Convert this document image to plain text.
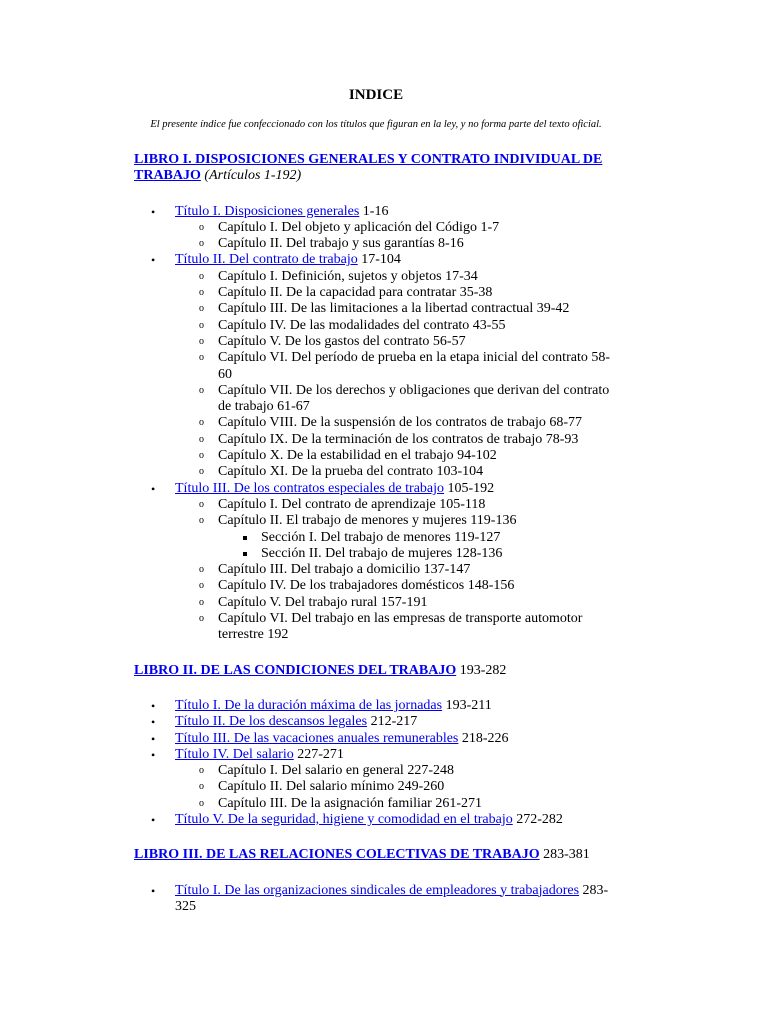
INDICE

El presente índice fue confeccionado con los títulos que figuran en la ley, y no forma parte del texto oficial.

LIBRO I. DISPOSICIONES GENERALES Y CONTRATO INDIVIDUAL DE TRABAJO (Artículos 1-192)

• Título I. Disposiciones generales 1-16
o Capítulo I. Del objeto y aplicación del Código 1-7
o Capítulo II. Del trabajo y sus garantías 8-16
• Título II. Del contrato de trabajo 17-104
o Capítulo I. Definición, sujetos y objetos 17-34
o Capítulo II. De la capacidad para contratar 35-38
o Capítulo III. De las limitaciones a la libertad contractual 39-42
o Capítulo IV. De las modalidades del contrato 43-55
o Capítulo V. De los gastos del contrato 56-57
o Capítulo VI. Del período de prueba en la etapa inicial del contrato 58-60
o Capítulo VII. De los derechos y obligaciones que derivan del contrato de trabajo 61-67
o Capítulo VIII. De la suspensión de los contratos de trabajo 68-77
o Capítulo IX. De la terminación de los contratos de trabajo 78-93
o Capítulo X. De la estabilidad en el trabajo 94-102
o Capítulo XI. De la prueba del contrato 103-104
• Título III. De los contratos especiales de trabajo 105-192
o Capítulo I. Del contrato de aprendizaje 105-118
o Capítulo II. El trabajo de menores y mujeres 119-136
Sección I. Del trabajo de menores 119-127
Sección II. Del trabajo de mujeres 128-136
o Capítulo III. Del trabajo a domicilio 137-147
o Capítulo IV. De los trabajadores domésticos 148-156
o Capítulo V. Del trabajo rural 157-191
o Capítulo VI. Del trabajo en las empresas de transporte automotor terrestre 192

LIBRO II. DE LAS CONDICIONES DEL TRABAJO 193-282

• Título I. De la duración máxima de las jornadas 193-211
• Título II. De los descansos legales 212-217
• Título III. De las vacaciones anuales remunerables 218-226
• Título IV. Del salario 227-271
o Capítulo I. Del salario en general 227-248
o Capítulo II. Del salario mínimo 249-260
o Capítulo III. De la asignación familiar 261-271
• Título V. De la seguridad, higiene y comodidad en el trabajo 272-282

LIBRO III. DE LAS RELACIONES COLECTIVAS DE TRABAJO 283-381

• Título I. De las organizaciones sindicales de empleadores y trabajadores 283-325
